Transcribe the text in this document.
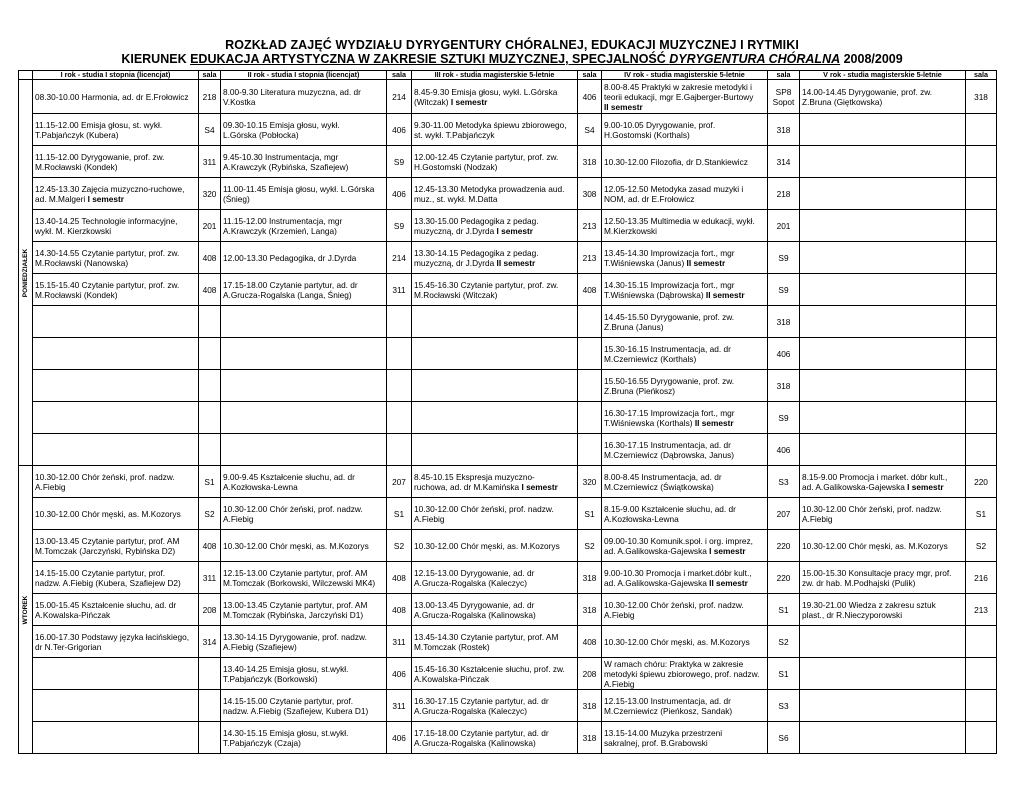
ROZKŁAD ZAJĘĆ WYDZIAŁU DYRYGENTURY CHÓRALNEJ, EDUKACJI MUZYCZNEJ I RYTMIKI
KIERUNEK EDUKACJA ARTYSTYCZNA W ZAKRESIE SZTUKI MUZYCZNEJ, SPECJALNOŚĆ DYRYGENTURA CHÓRALNA 2008/2009
	I rok - studia I stopnia (licencjat)	sala	II rok - studia I stopnia (licencjat)	sala	III rok - studia magisterskie 5-letnie	sala	IV rok - studia magisterskie 5-letnie	sala	V rok - studia magisterskie 5-letnie	sala

PONIEDZIAŁEK	08.30-10.00 Harmonia, ad. dr E.Frołowicz	218	8.00-9.30 Literatura muzyczna, ad. dr
V.Kostka	214	8.45-9.30 Emisja głosu, wykł. L.Górska
(Witczak) I semestr	406	8.00-8.45 Praktyki w zakresie metodyki i
teorii edukacji, mgr E.Gajberger-Burtowy
II semestr	SP8
Sopot	14.00-14.45 Dyrygowanie, prof. zw.
Z.Bruna (Giętkowska)	318
	11.15-12.00 Emisja głosu, st. wykł.
T.Pabjańczyk (Kubera)	S4	09.30-10.15 Emisja głosu, wykł.
L.Górska (Pobłocka)	406	9.30-11.00 Metodyka śpiewu zbiorowego,
st. wykł. T.Pabjańczyk	S4	9.00-10.05 Dyrygowanie, prof.
H.Gostomski (Korthals)	318		
	11.15-12.00 Dyrygowanie, prof. zw.
M.Rocławski (Kondek)	311	9.45-10.30 Instrumentacja, mgr
A.Krawczyk (Rybińska, Szafiejew)	S9	12.00-12.45 Czytanie partytur, prof. zw.
H.Gostomski (Nodzak)	318	10.30-12.00 Filozofia, dr D.Stankiewicz	314		
	12.45-13.30 Zajęcia muzyczno-ruchowe,
ad. M.Malgeri I semestr	320	11.00-11.45 Emisja głosu, wykł. L.Górska
(Śnieg)	406	12.45-13.30 Metodyka prowadzenia aud.
muz., st. wykł. M.Datta	308	12.05-12.50 Metodyka zasad muzyki i
NOM, ad. dr E.Frołowicz	218		
	13.40-14.25 Technologie informacyjne,
wykł. M. Kierzkowski	201	11.15-12.00 Instrumentacja, mgr
A.Krawczyk (Krzemień, Langa)	S9	13.30-15.00 Pedagogika z pedag.
muzyczną, dr J.Dyrda I semestr	213	12.50-13.35 Multimedia w edukacji, wykł.
M.Kierzkowski	201		
	14.30-14.55 Czytanie partytur, prof. zw.
M.Rocławski (Nanowska)	408	12.00-13.30 Pedagogika, dr J.Dyrda	214	13.30-14.15 Pedagogika z pedag.
muzyczną, dr J.Dyrda II semestr	213	13.45-14.30 Improwizacja fort., mgr
T.Wiśniewska (Janus) II semestr	S9		
	15.15-15.40 Czytanie partytur, prof. zw.
M.Rocławski (Kondek)	408	17.15-18.00 Czytanie partytur, ad. dr
A.Grucza-Rogalska (Langa, Śnieg)	311	15.45-16.30 Czytanie partytur, prof. zw.
M.Rocławski (Witczak)	408	14.30-15.15 Improwizacja fort., mgr
T.Wiśniewska (Dąbrowska) II semestr	S9		
							14.45-15.50 Dyrygowanie, prof. zw.
Z.Bruna (Janus)	318		
							15.30-16.15 Instrumentacja, ad. dr
M.Czerniewicz (Korthals)	406		
							15.50-16.55 Dyrygowanie, prof. zw.
Z.Bruna (Pieńkosz)	318		
							16.30-17.15 Improwizacja fort., mgr
T.Wiśniewska (Korthals) II semestr	S9		
							16.30-17.15 Instrumentacja, ad. dr
M.Czerniewicz (Dąbrowska, Janus)	406		

WTOREK	10.30-12.00 Chór żeński, prof. nadzw.
A.Fiebig	S1	9.00-9.45 Kształcenie słuchu, ad. dr
A.Kozłowska-Lewna	207	8.45-10.15 Ekspresja muzyczno-
ruchowa, ad. dr M.Kamińska I semestr	320	8.00-8.45 Instrumentacja, ad. dr
M.Czerniewicz (Świątkowska)	S3	8.15-9.00 Promocja i market. dóbr kult.,
ad. A.Galikowska-Gajewska I semestr	220
	10.30-12.00 Chór męski, as. M.Kozorys	S2	10.30-12.00 Chór żeński, prof. nadzw.
A.Fiebig	S1	10.30-12.00 Chór żeński, prof. nadzw.
A.Fiebig	S1	8.15-9.00 Kształcenie słuchu, ad. dr
A.Kozłowska-Lewna	207	10.30-12.00 Chór żeński, prof. nadzw.
A.Fiebig	S1
	13.00-13.45 Czytanie partytur, prof. AM
M.Tomczak (Jarczyński, Rybińska D2)	408	10.30-12.00 Chór męski, as. M.Kozorys	S2	10.30-12.00 Chór męski, as. M.Kozorys	S2	09.00-10.30 Komunik.społ. i org. imprez,
ad. A.Galikowska-Gajewska I semestr	220	10.30-12.00 Chór męski, as. M.Kozorys	S2
	14.15-15.00 Czytanie partytur, prof.
nadzw. A.Fiebig (Kubera, Szafiejew D2)	311	12.15-13.00 Czytanie partytur, prof. AM
M.Tomczak (Borkowski, Wilczewski MK4)	408	12.15-13.00 Dyrygowanie, ad. dr
A.Grucza-Rogalska (Kaleczyc)	318	9.00-10.30 Promocja i market.dóbr kult.,
ad. A.Galikowska-Gajewska II semestr	220	15.00-15.30 Konsultacje pracy mgr, prof.
zw. dr hab. M.Podhajski (Pulik)	216
	15.00-15.45 Kształcenie słuchu, ad. dr
A.Kowalska-Pińczak	208	13.00-13.45 Czytanie partytur, prof. AM
M.Tomczak (Rybińska, Jarczyński D1)	408	13.00-13.45 Dyrygowanie, ad. dr
A.Grucza-Rogalska (Kalinowska)	318	10.30-12.00 Chór żeński, prof. nadzw.
A.Fiebig	S1	19.30-21.00 Wiedza z zakresu sztuk
plast., dr R.Nieczyporowski	213
	16.00-17.30 Podstawy języka łacińskiego,
dr N.Ter-Grigorian	314	13.30-14.15 Dyrygowanie, prof. nadzw.
A.Fiebig (Szafiejew)	311	13.45-14.30 Czytanie partytur, prof. AM
M.Tomczak (Rostek)	408	10.30-12.00 Chór męski, as. M.Kozorys	S2		
			13.40-14.25 Emisja głosu, st.wykł.
T.Pabjańczyk (Borkowski)	406	15.45-16.30 Kształcenie słuchu, prof. zw.
A.Kowalska-Pińczak	208	W ramach chóru: Praktyka w zakresie
metodyki śpiewu zbiorowego, prof. nadzw.
A.Fiebig	S1		
			14.15-15.00 Czytanie partytur, prof.
nadzw. A.Fiebig (Szafiejew, Kubera D1)	311	16.30-17.15 Czytanie partytur, ad. dr
A.Grucza-Rogalska (Kaleczyc)	318	12.15-13.00 Instrumentacja, ad. dr
M.Czerniewicz (Pieńkosz, Sandak)	S3		
			14.30-15.15 Emisja głosu, st.wykł.
T.Pabjańczyk (Czaja)	406	17.15-18.00 Czytanie partytur, ad. dr
A.Grucza-Rogalska (Kalinowska)	318	13.15-14.00 Muzyka przestrzeni
sakralnej, prof. B.Grabowski	S6		
